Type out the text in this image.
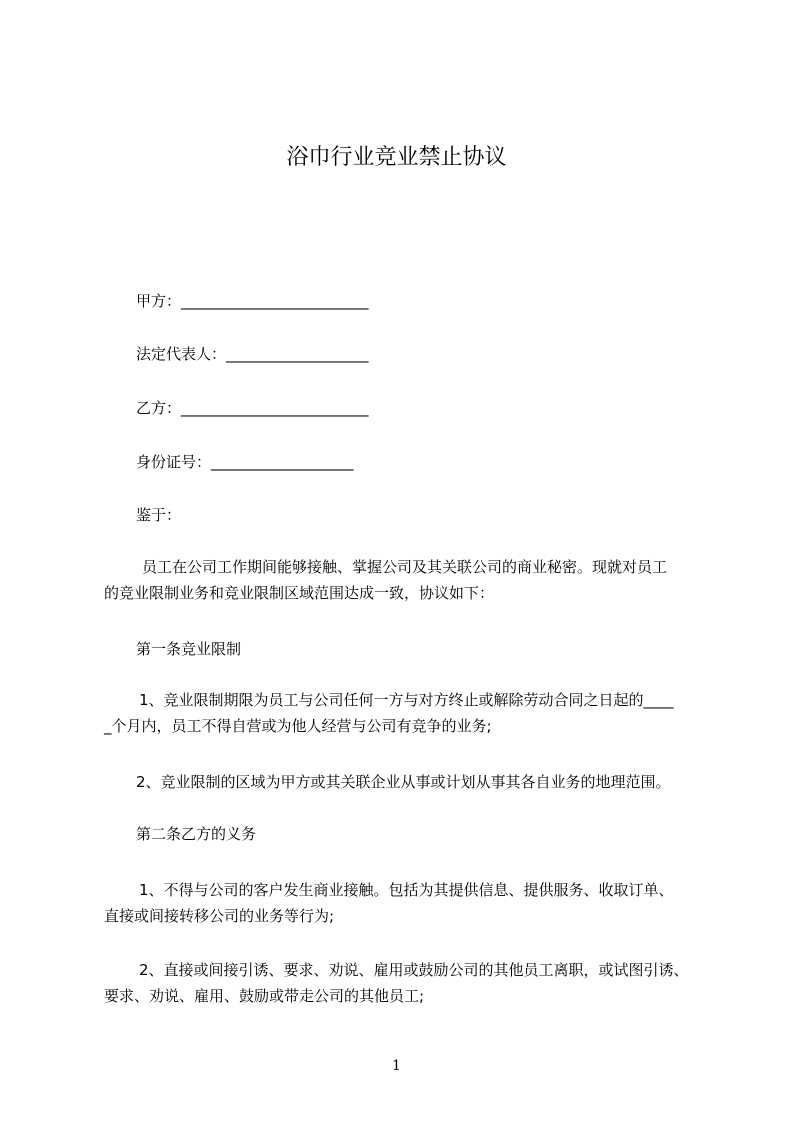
浴巾行业竞业禁止协议
甲方：_________________________
法定代表人：___________________
乙方：_________________________
身份证号：___________________
鉴于：
员工在公司工作期间能够接触、掌握公司及其关联公司的商业秘密。现就对员工
的竞业限制业务和竞业限制区域范围达成一致，协议如下：
第一条竞业限制
1、竞业限制期限为员工与公司任何一方与对方终止或解除劳动合同之日起的____
_个月内，员工不得自营或为他人经营与公司有竞争的业务;
2、竞业限制的区域为甲方或其关联企业从事或计划从事其各自业务的地理范围。
第二条乙方的义务
1、不得与公司的客户发生商业接触。包括为其提供信息、提供服务、收取订单、
直接或间接转移公司的业务等行为;
2、直接或间接引诱、要求、劝说、雇用或鼓励公司的其他员工离职，或试图引诱、
要求、劝说、雇用、鼓励或带走公司的其他员工;
1
